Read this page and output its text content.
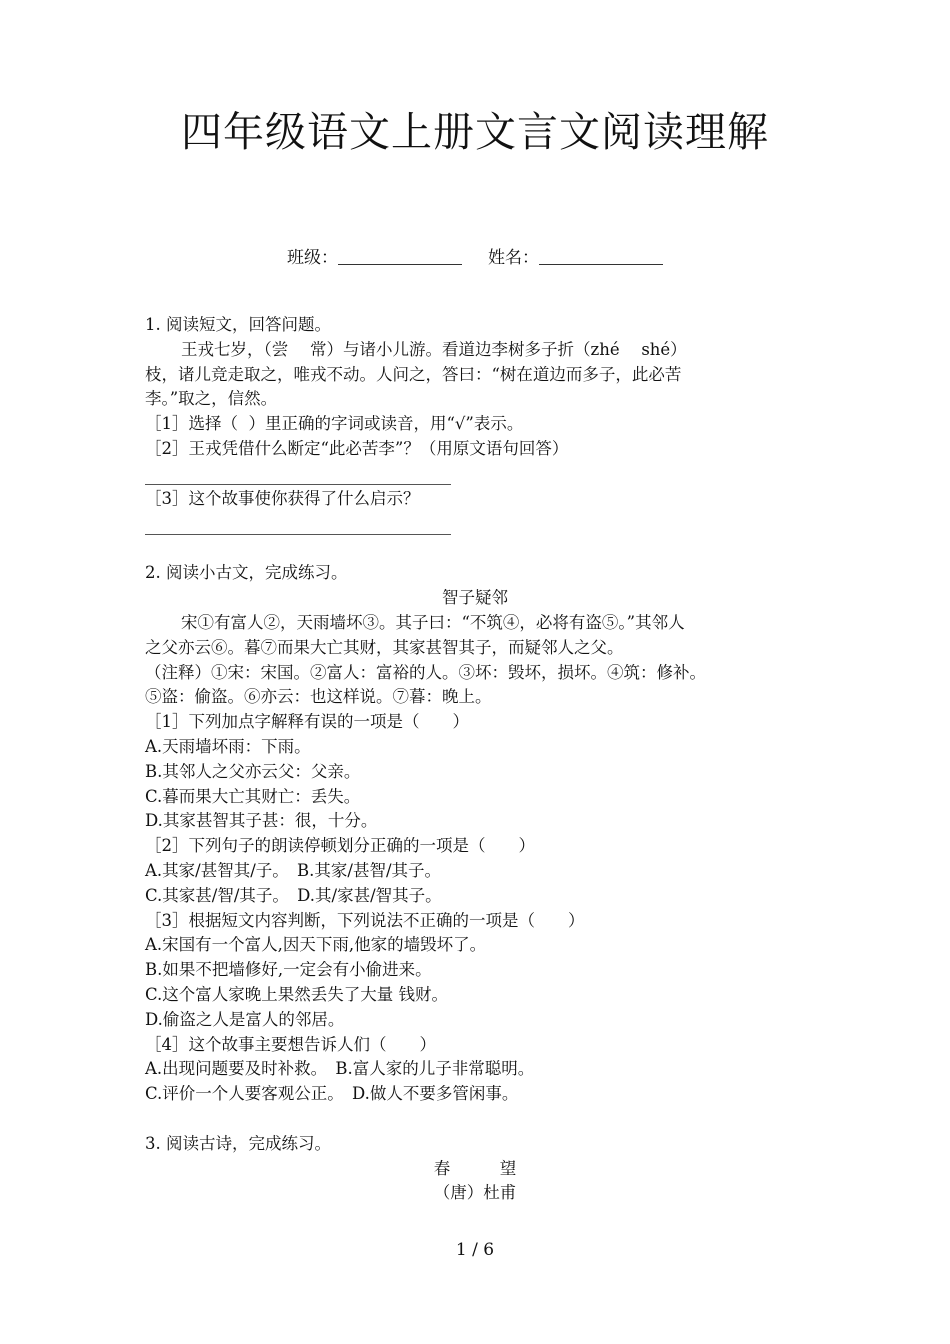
四年级语文上册文言文阅读理解
班级：	姓名：
1. 阅读短文，回答问题。
王戎七岁，（尝　 常）与诸小儿游。看道边李树多子折（zhé　 shé）
枝，诸儿竞走取之，唯戎不动。人问之，答曰：“树在道边而多子，此必苦
李。”取之，信然。
［1］选择（  ）里正确的字词或读音，用“√”表示。
［2］王戎凭借什么断定“此必苦李”？（用原文语句回答）
［3］这个故事使你获得了什么启示？
2. 阅读小古文，完成练习。
智子疑邻
宋①有富人②，天雨墙坏③。其子曰：“不筑④，必将有盗⑤。”其邻人
之父亦云⑥。暮⑦而果大亡其财，其家甚智其子，而疑邻人之父。
（注释）①宋：宋国。②富人：富裕的人。③坏：毁坏，损坏。④筑：修补。
⑤盗：偷盗。⑥亦云：也这样说。⑦暮：晚上。
［1］下列加点字解释有误的一项是（　　）
A.天雨墙坏雨：下雨。
B.其邻人之父亦云父：父亲。
C.暮而果大亡其财亡：丢失。
D.其家甚智其子甚：很，十分。
［2］下列句子的朗读停顿划分正确的一项是（　　）
A.其家/甚智其/子。　B.其家/甚智/其子。
C.其家甚/智/其子。　D.其/家甚/智其子。
［3］根据短文内容判断，下列说法不正确的一项是（　　）
A.宋国有一个富人,因天下雨,他家的墙毁坏了。
B.如果不把墙修好,一定会有小偷进来。
C.这个富人家晚上果然丢失了大量 钱财。
D.偷盗之人是富人的邻居。
［4］这个故事主要想告诉人们（　　）
A.出现问题要及时补救。　B.富人家的儿子非常聪明。
C.评价一个人要客观公正。　D.做人不要多管闲事。
3. 阅读古诗，完成练习。
春　　　望
（唐）杜甫
1 / 6
